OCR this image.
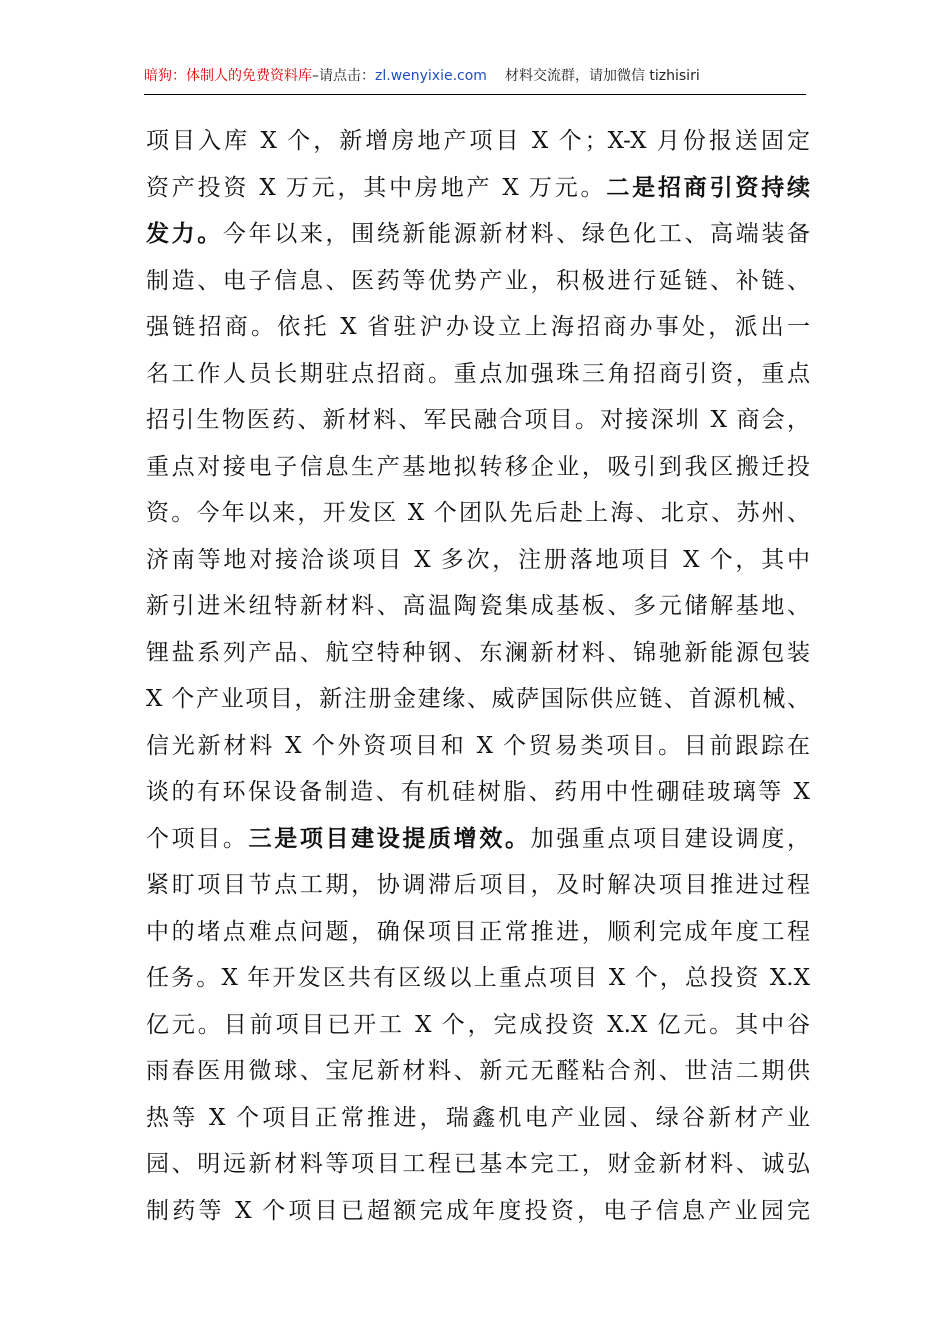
暗狗：体制人的免费资料库–请点击：zl.wenyixie.com 材料交流群，请加微信 tizhisiri
项目入库 X 个，新增房地产项目 X 个；X-X 月份报送固定
资产投资 X 万元，其中房地产 X 万元。二是招商引资持续
发力。今年以来，围绕新能源新材料、绿色化工、高端装备
制造、电子信息、医药等优势产业，积极进行延链、补链、
强链招商。依托 X 省驻沪办设立上海招商办事处，派出一
名工作人员长期驻点招商。重点加强珠三角招商引资，重点
招引生物医药、新材料、军民融合项目。对接深圳 X 商会，
重点对接电子信息生产基地拟转移企业，吸引到我区搬迁投
资。今年以来，开发区 X 个团队先后赴上海、北京、苏州、
济南等地对接洽谈项目 X 多次，注册落地项目 X 个，其中
新引进米纽特新材料、高温陶瓷集成基板、多元储解基地、
锂盐系列产品、航空特种钢、东澜新材料、锦驰新能源包装
X 个产业项目，新注册金建缘、威萨国际供应链、首源机械、
信光新材料 X 个外资项目和 X 个贸易类项目。目前跟踪在
谈的有环保设备制造、有机硅树脂、药用中性硼硅玻璃等 X
个项目。三是项目建设提质增效。加强重点项目建设调度，
紧盯项目节点工期，协调滞后项目，及时解决项目推进过程
中的堵点难点问题，确保项目正常推进，顺利完成年度工程
任务。X 年开发区共有区级以上重点项目 X 个，总投资 X.X
亿元。目前项目已开工 X 个，完成投资 X.X 亿元。其中谷
雨春医用微球、宝尼新材料、新元无醛粘合剂、世洁二期供
热等 X 个项目正常推进，瑞鑫机电产业园、绿谷新材产业
园、明远新材料等项目工程已基本完工，财金新材料、诚弘
制药等 X 个项目已超额完成年度投资，电子信息产业园完
